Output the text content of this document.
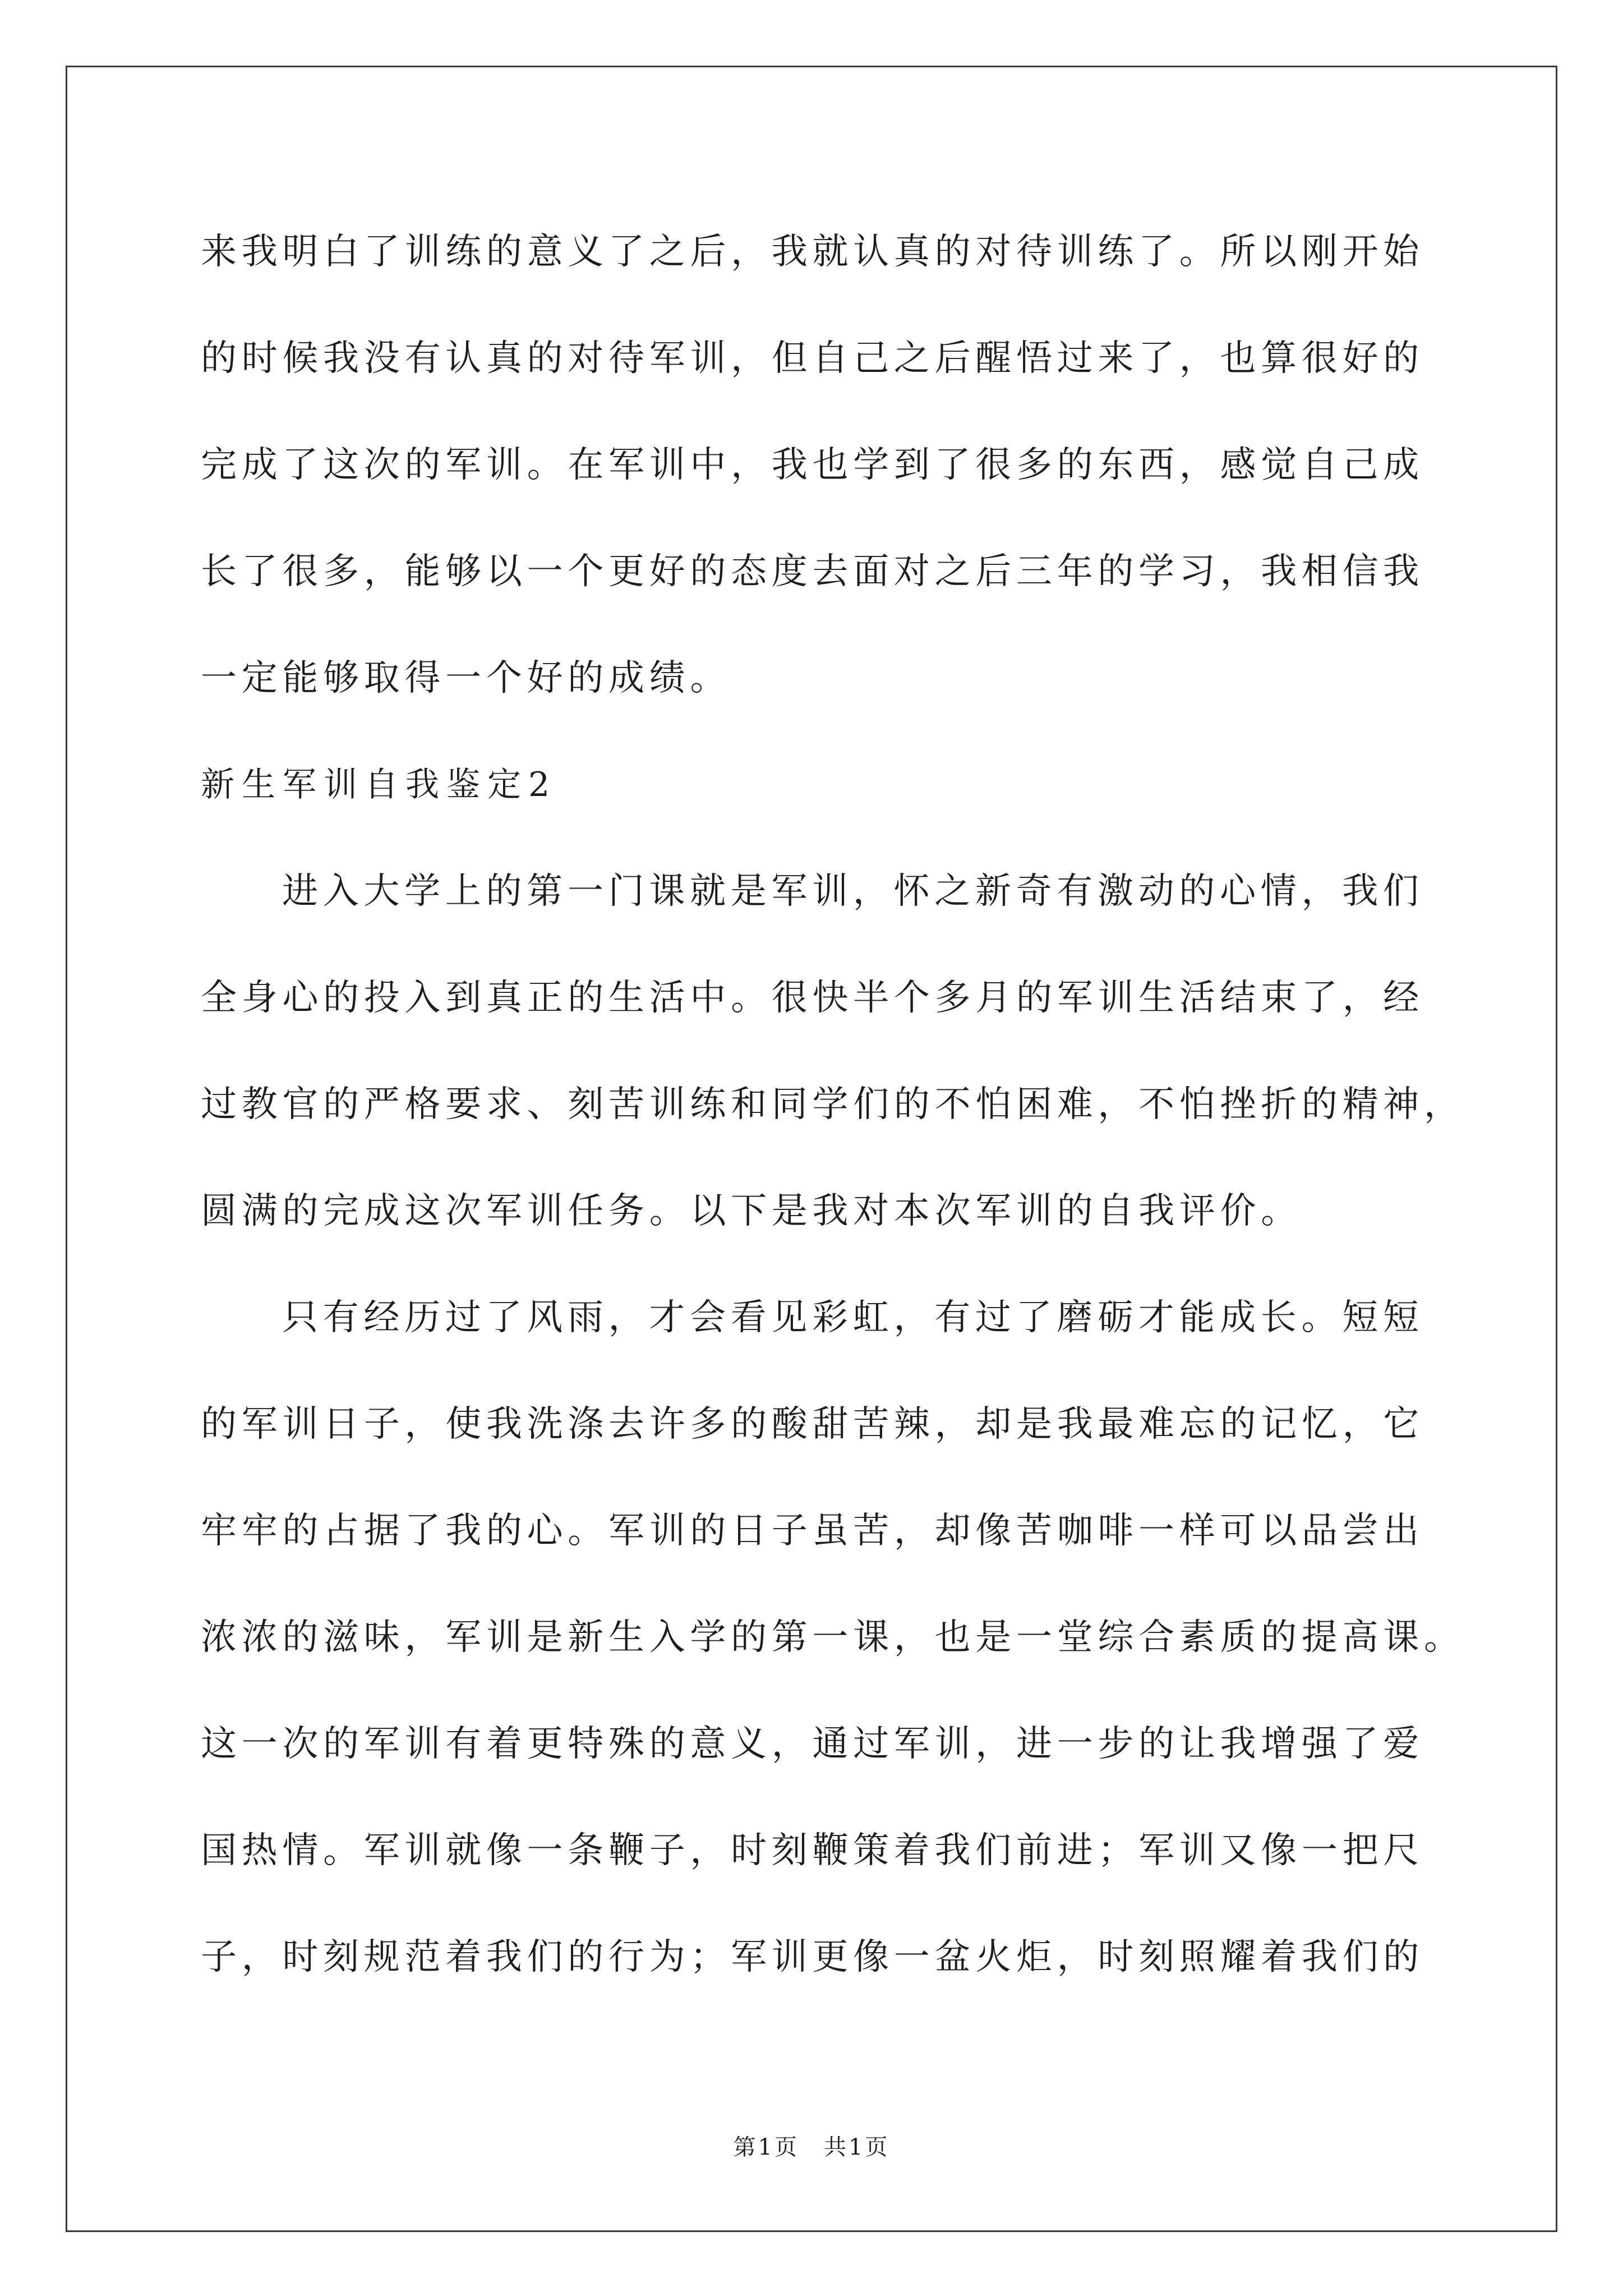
来我明白了训练的意义了之后，我就认真的对待训练了。所以刚开始
的时候我没有认真的对待军训，但自己之后醒悟过来了，也算很好的
完成了这次的军训。在军训中，我也学到了很多的东西，感觉自己成
长了很多，能够以一个更好的态度去面对之后三年的学习，我相信我
一定能够取得一个好的成绩。
新生军训自我鉴定2
进入大学上的第一门课就是军训，怀之新奇有激动的心情，我们
全身心的投入到真正的生活中。很快半个多月的军训生活结束了，经
过教官的严格要求、刻苦训练和同学们的不怕困难，不怕挫折的精神，
圆满的完成这次军训任务。以下是我对本次军训的自我评价。
只有经历过了风雨，才会看见彩虹，有过了磨砺才能成长。短短
的军训日子，使我洗涤去许多的酸甜苦辣，却是我最难忘的记忆，它
牢牢的占据了我的心。军训的日子虽苦，却像苦咖啡一样可以品尝出
浓浓的滋味，军训是新生入学的第一课，也是一堂综合素质的提高课。
这一次的军训有着更特殊的意义，通过军训，进一步的让我增强了爱
国热情。军训就像一条鞭子，时刻鞭策着我们前进；军训又像一把尺
子，时刻规范着我们的行为；军训更像一盆火炬，时刻照耀着我们的
第1页　共1页
